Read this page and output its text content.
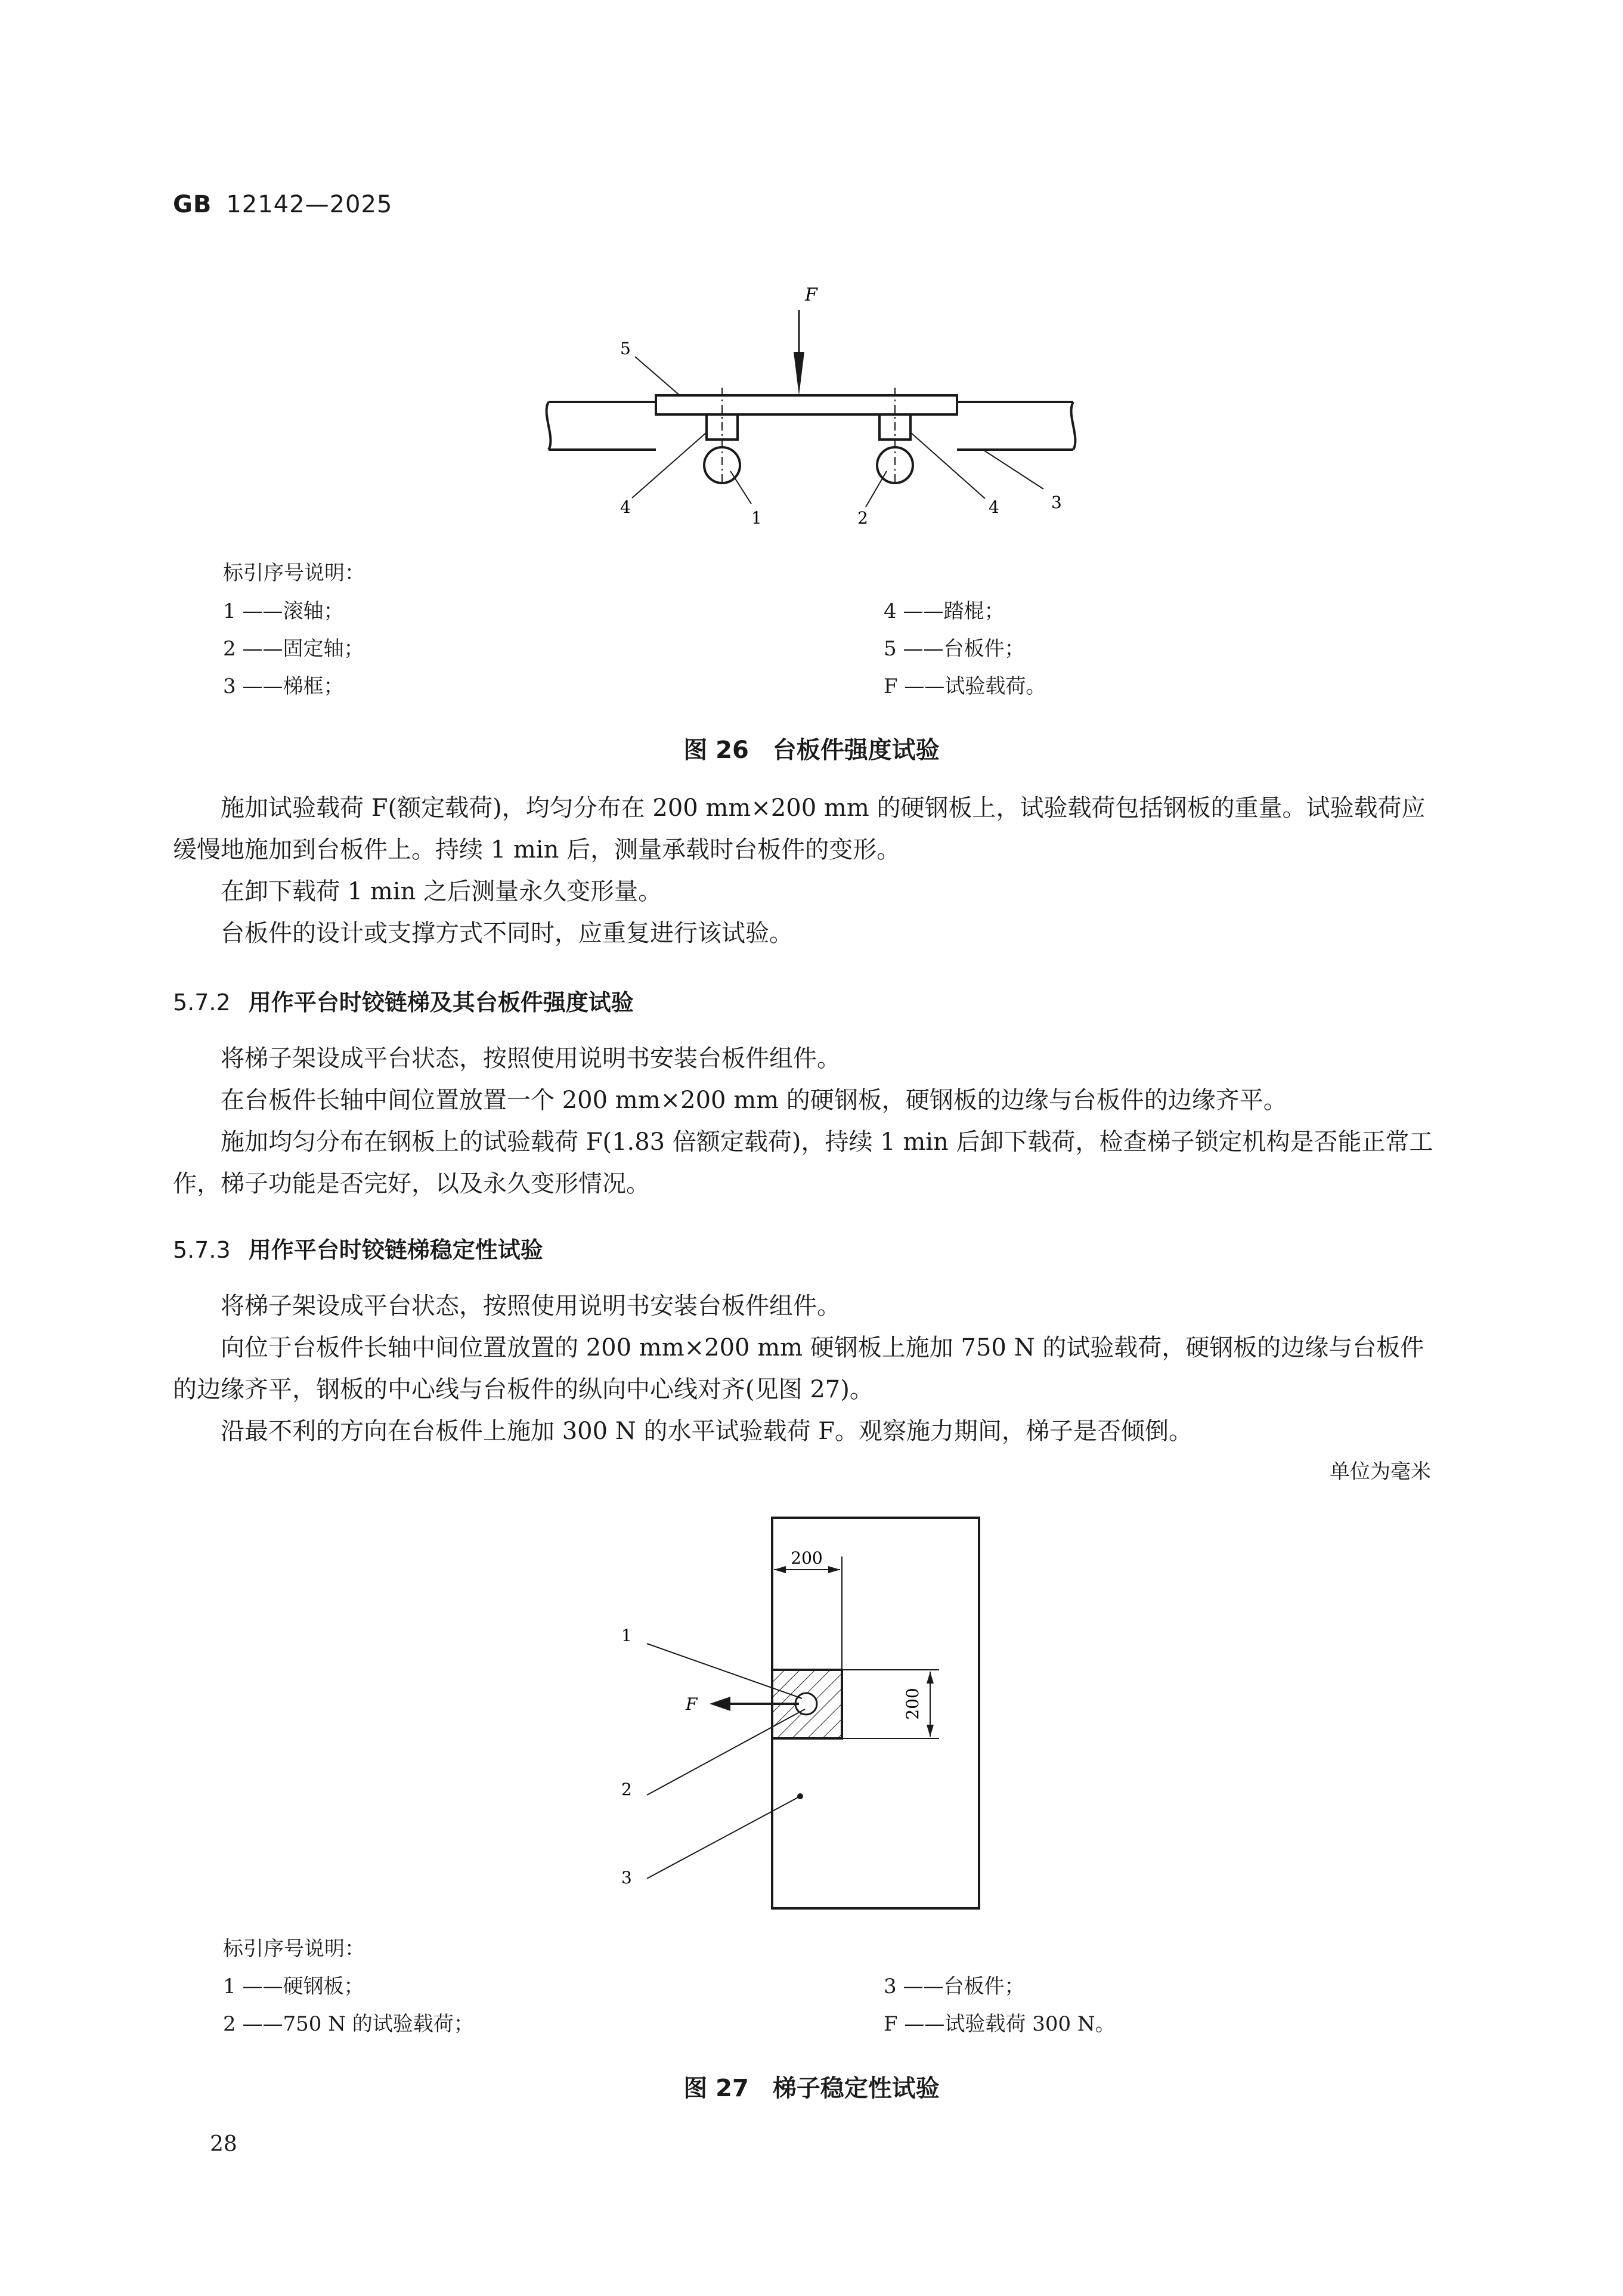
GB 12142—2025
F
5
4
1	2
4	3
标引序号说明：
1 ——滚轴；
2 ——固定轴；
3 ——梯框；
4 ——踏棍；
5 ——台板件；
F ——试验载荷。
图 26　台板件强度试验

施加试验载荷 F(额定载荷)，均匀分布在 200 mm×200 mm 的硬钢板上，试验载荷包括钢板的重量。试验载荷应缓慢地施加到台板件上。持续 1 min 后，测量承载时台板件的变形。

在卸下载荷 1 min 之后测量永久变形量。

台板件的设计或支撑方式不同时，应重复进行该试验。

5.7.2 用作平台时铰链梯及其台板件强度试验

将梯子架设成平台状态，按照使用说明书安装台板件组件。

在台板件长轴中间位置放置一个 200 mm×200 mm 的硬钢板，硬钢板的边缘与台板件的边缘齐平。

施加均匀分布在钢板上的试验载荷 F(1.83 倍额定载荷)，持续 1 min 后卸下载荷，检查梯子锁定机构是否能正常工作，梯子功能是否完好，以及永久变形情况。

5.7.3 用作平台时铰链梯稳定性试验

将梯子架设成平台状态，按照使用说明书安装台板件组件。

向位于台板件长轴中间位置放置的 200 mm×200 mm 硬钢板上施加 750 N 的试验载荷，硬钢板的边缘与台板件的边缘齐平，钢板的中心线与台板件的纵向中心线对齐(见图 27)。

沿最不利的方向在台板件上施加 300 N 的水平试验载荷 F。观察施力期间，梯子是否倾倒。

单位为毫米
200
200
F
1
2
3
标引序号说明：
1 ——硬钢板；
2 ——750 N 的试验载荷；
3 ——台板件；
F ——试验载荷 300 N。
图 27　梯子稳定性试验
28
